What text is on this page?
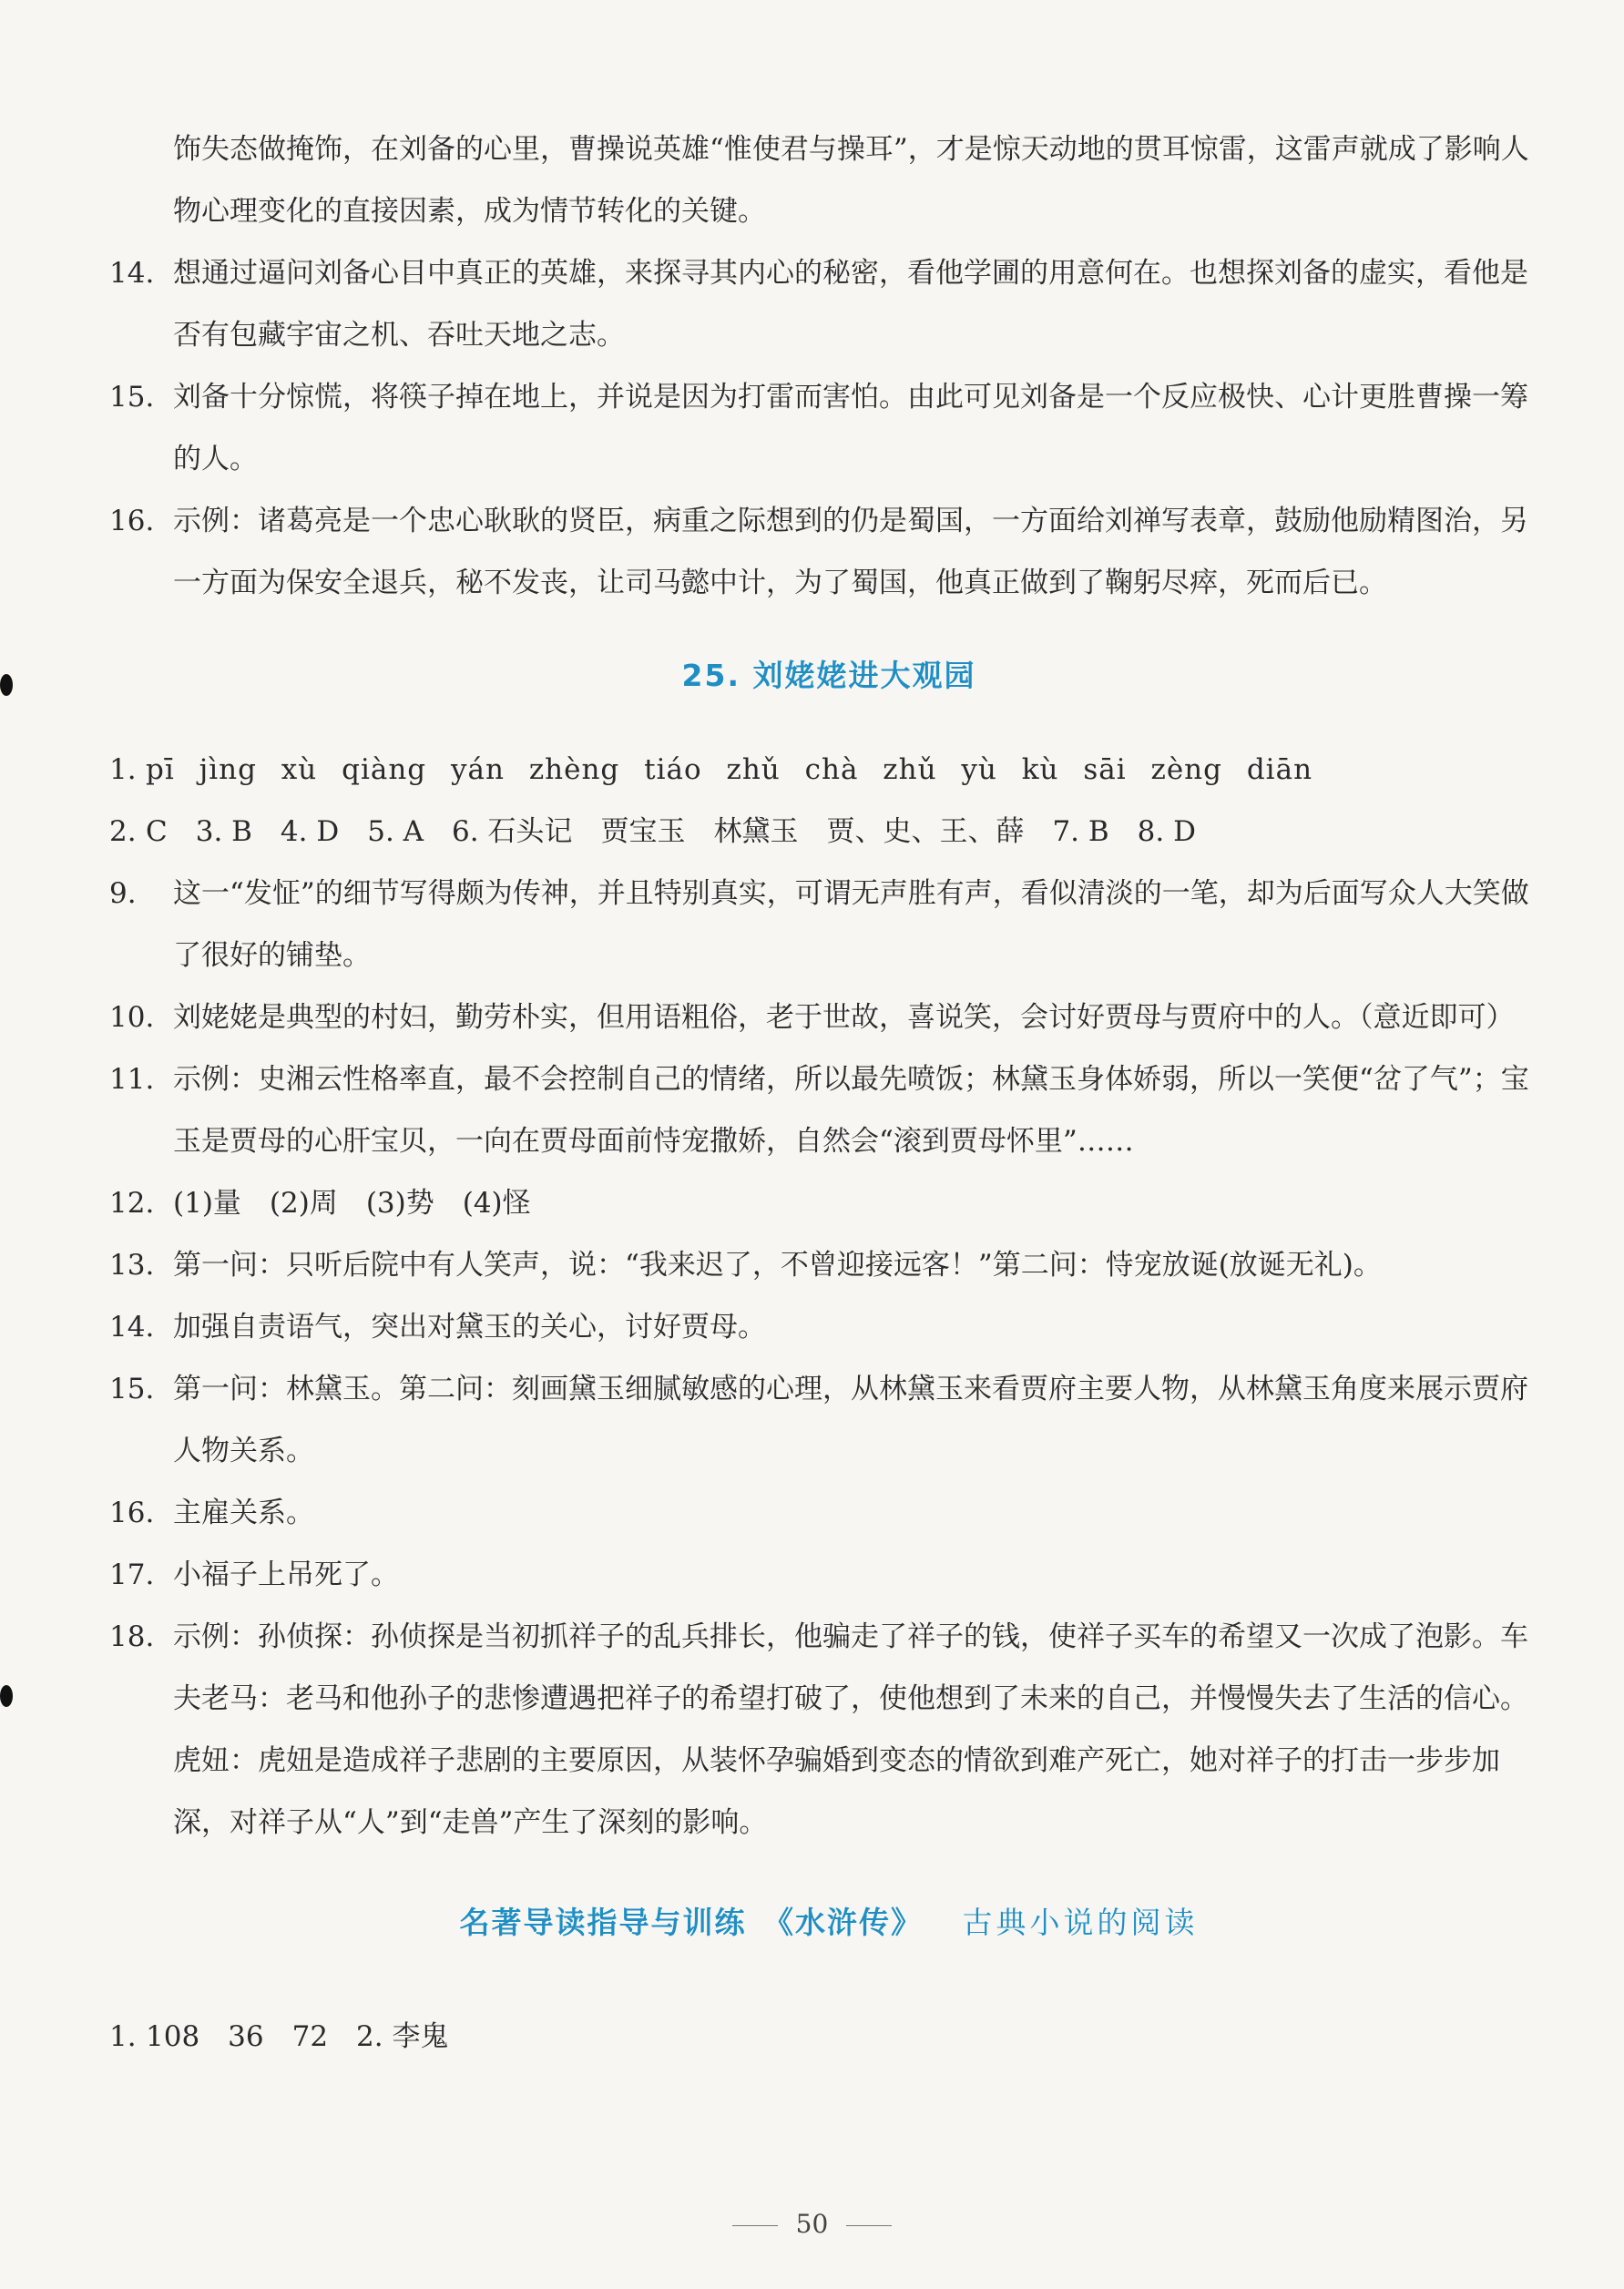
饰失态做掩饰，在刘备的心里，曹操说英雄“惟使君与操耳”，才是惊天动地的贯耳惊雷，这雷声就成了影响人物心理变化的直接因素，成为情节转化的关键。
14. 想通过逼问刘备心目中真正的英雄，来探寻其内心的秘密，看他学圃的用意何在。也想探刘备的虚实，看他是否有包藏宇宙之机、吞吐天地之志。
15. 刘备十分惊慌，将筷子掉在地上，并说是因为打雷而害怕。由此可见刘备是一个反应极快、心计更胜曹操一筹的人。
16. 示例：诸葛亮是一个忠心耿耿的贤臣，病重之际想到的仍是蜀国，一方面给刘禅写表章，鼓励他励精图治，另一方面为保安全退兵，秘不发丧，让司马懿中计，为了蜀国，他真正做到了鞠躬尽瘁，死而后已。
25. 刘姥姥进大观园
1. pī jìng xù qiàng yán zhèng tiáo zhǔ chà zhǔ yù kù sāi zèng diān
2. C　3. B　4. D　5. A　6. 石头记　贾宝玉　林黛玉　贾、史、王、薛　7. B　8. D
9. 这一“发怔”的细节写得颇为传神，并且特别真实，可谓无声胜有声，看似清淡的一笔，却为后面写众人大笑做了很好的铺垫。
10. 刘姥姥是典型的村妇，勤劳朴实，但用语粗俗，老于世故，喜说笑，会讨好贾母与贾府中的人。（意近即可）
11. 示例：史湘云性格率直，最不会控制自己的情绪，所以最先喷饭；林黛玉身体娇弱，所以一笑便“岔了气”；宝玉是贾母的心肝宝贝，一向在贾母面前恃宠撒娇，自然会“滚到贾母怀里”……
12. (1)量　(2)周　(3)势　(4)怪
13. 第一问：只听后院中有人笑声，说：“我来迟了，不曾迎接远客！”第二问：恃宠放诞(放诞无礼)。
14. 加强自责语气，突出对黛玉的关心，讨好贾母。
15. 第一问：林黛玉。第二问：刻画黛玉细腻敏感的心理，从林黛玉来看贾府主要人物，从林黛玉角度来展示贾府人物关系。
16. 主雇关系。
17. 小福子上吊死了。
18. 示例：孙侦探：孙侦探是当初抓祥子的乱兵排长，他骗走了祥子的钱，使祥子买车的希望又一次成了泡影。车夫老马：老马和他孙子的悲惨遭遇把祥子的希望打破了，使他想到了未来的自己，并慢慢失去了生活的信心。虎妞：虎妞是造成祥子悲剧的主要原因，从装怀孕骗婚到变态的情欲到难产死亡，她对祥子的打击一步步加深，对祥子从“人”到“走兽”产生了深刻的影响。
名著导读指导与训练　《水浒传》 古典小说的阅读
1. 108　36　72　2. 李鬼
50
